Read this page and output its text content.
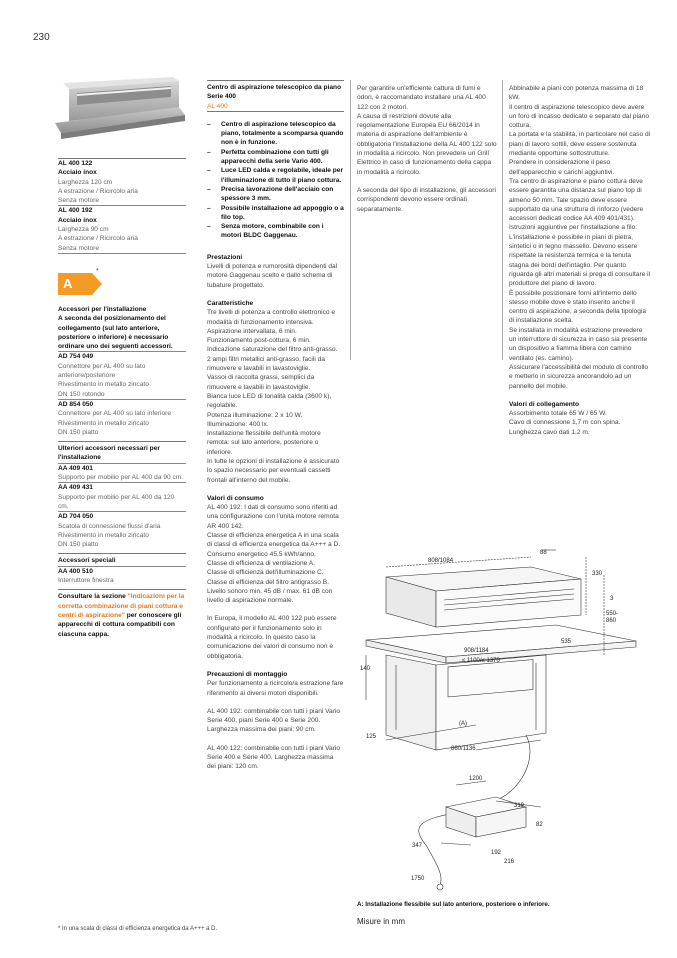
230
AL 400 122
Acciaio inox
Larghezza 120 cm
A estrazione / Ricircolo aria
Senza motore
AL 400 192
Acciaio inox
Larghezza 90 cm
A estrazione / Ricircolo aria
Senza motore
A
*
Accessori per l'installazione
A seconda del posizionamento del collegamento (sul lato anteriore, posteriore o inferiore) è necessario ordinare uno dei seguenti accessori.
AD 754 049
Connettore per AL 400 su lato anteriore/posteriore
Rivestimento in metallo zincato
DN 150 rotondo
AD 854 050
Connettore per AL 400 su lato inferiore
Rivestimento in metallo zincato
DN 150 piatto
Ulteriori accessori necessari per l'installazione
AA 409 401
Supporto per mobilio per AL 400 da 90 cm.
AA 409 431
Supporto per mobilio per AL 400 da 120 cm.
AD 704 050
Scatola di connessione flussi d'aria
Rivestimento in metallo zincato
DN 150 piatto
Accessori speciali
AA 400 510
Interruttore finestra
Consultare la sezione "Indicazioni per la corretta combinazione di piani cottura e centri di aspirazione" per conoscere gli apparecchi di cottura compatibili con ciascuna cappa.
Centro di aspirazione telescopico da piano Serie 400
AL 400
– Centro di aspirazione telescopico da piano, totalmente a scomparsa quando non è in funzione.
– Perfetta combinazione con tutti gli apparecchi della serie Vario 400.
– Luce LED calda e regolabile, ideale per l'illuminazione di tutto il piano cottura.
– Precisa lavorazione dell'acciaio con spessore 3 mm.
– Possibile installazione ad appoggio o a filo top.
– Senza motore, combinabile con i motori BLDC Gaggenau.
Prestazioni

Livelli di potenza e rumorosità dipendenti dal motore Gaggenau scelto e dallo schema di tubature progettato.

Caratteristiche

Tre livelli di potenza a controllo elettronico e modalità di funzionamento intensiva.
Aspirazione intervallata, 6 min.
Funzionamento post-cottura, 6 min.
Indicazione saturazione del filtro anti-grasso.
2 ampi filtri metallici anti-grasso, facili da rimuovere e lavabili in lavastoviglie.
Vassoi di raccolta grassi, semplici da rimuovere e lavabili in lavastoviglie.
Bianca luce LED di tonalità calda (3600 k), regolabile.
Potenza illuminazione: 2 x 10 W.
Illuminazione: 400 lx.
Installazione flessibile dell'unità motore remota: sul lato anteriore, posteriore o inferiore.
In tutte le opzioni di installazione è assicurato lo spazio necessario per eventuali cassetti frontali all'interno del mobile.

Valori di consumo

AL 400 192: I dati di consumo sono riferiti ad una configurazione con l'unità motore remota AR 400 142.
Classe di efficienza energetica A in una scala di classi di efficienza energetica da A+++ a D.
Consumo energetico 45,5 kWh/anno.
Classe di efficienza di ventilazione A.
Classe di efficienza dell'illuminazione C.
Classe di efficienza del filtro antigrasso B.
Livello sonoro min. 45 dB / max. 61 dB con livello di aspirazione normale.

In Europa, il modello AL 400 122 può essere configurato per il funzionamento solo in modalità a ricircolo. In questo caso la comunicazione dei valori di consumo non è obbligatoria.

Precauzioni di montaggio

Per funzionamento a ricircolo/a estrazione fare riferimento ai diversi motori disponibili.

AL 400 192: combinabile con tutti i piani Vario Serie 400, piani Serie 400 e Serie 200. Larghezza massima dei piani: 90 cm.

AL 400 122: combinabile con tutti i piani Vario Serie 400 e Serie 400. Larghezza massima dei piani: 120 cm.

Per garantire un'efficiente cattura di fumi e odori, è raccomandato installare una AL 400 122 con 2 motori.
A causa di restrizioni dovute alla regolamentazione Europea EU 66/2014 in materia di aspirazione dell'ambiente è obbligatoria l'installazione della AL 400 122 solo in modalità a ricircolo. Non prevedere un Grill Elettrico in caso di funzionamento della cappa in modalità a ricircolo.

A seconda del tipo di installazione, gli accessori corrispondenti devono essere ordinati separatamente.

Abbinabile a piani con potenza massima di 18 kW.
Il centro di aspirazione telescopico deve avere un foro di incasso dedicato e separato dal piano cottura.
La portata e la stabilità, in particolare nel caso di piani di lavoro sottili, deve essere sostenuta mediante opportune sottostrutture.
Prendere in considerazione il peso dell'apparecchio e carichi aggiuntivi.
Tra centro di aspirazione e piano cottura deve essere garantita una distanza sul piano top di almeno 50 mm. Tale spazio deve essere supportato da una struttura di rinforzo (vedere accessori dedicati codice AA 409 401/431).
Istruzioni aggiuntive per l'installazione a filo:
L'installazione è possibile in piani di pietra, sintetici o in legno massello. Devono essere rispettate la resistenza termica e la tenuta stagna dei bordi dell'intaglio. Per quanto riguarda gli altri materiali si prega di consultare il produttore del piano di lavoro.
È possibile posizionare forni all'interno dello stesso mobile dove è stato inserito anche il centro di aspirazione, a seconda della tipologia di installazione scelta.
Se installata in modalità estrazione prevedere un interruttore di sicurezza in caso sia presente un dispositivo a fiamma libera con camino ventilato (es. camino).
Assicurare l'accessibilità del modulo di controllo e metterlo in sicurezza ancorandolo ad un pannello del mobile.

Valori di collegamento
Assorbimento totale 65 W / 65 W.
Cavo di connessione 1,7 m con spina.
Lunghezza cavo dati 1,2 m.
808/1084
88
330
3
550-
860
535
908/1184
≤ 1100/≤ 1370
140
(A)
125
860/1136
1200
319
82
347
192
216
1750
A: Installazione flessibile sul lato anteriore, posteriore o inferiore.
Misure in mm
* In una scala di classi di efficienza energetica da A+++ a D.
